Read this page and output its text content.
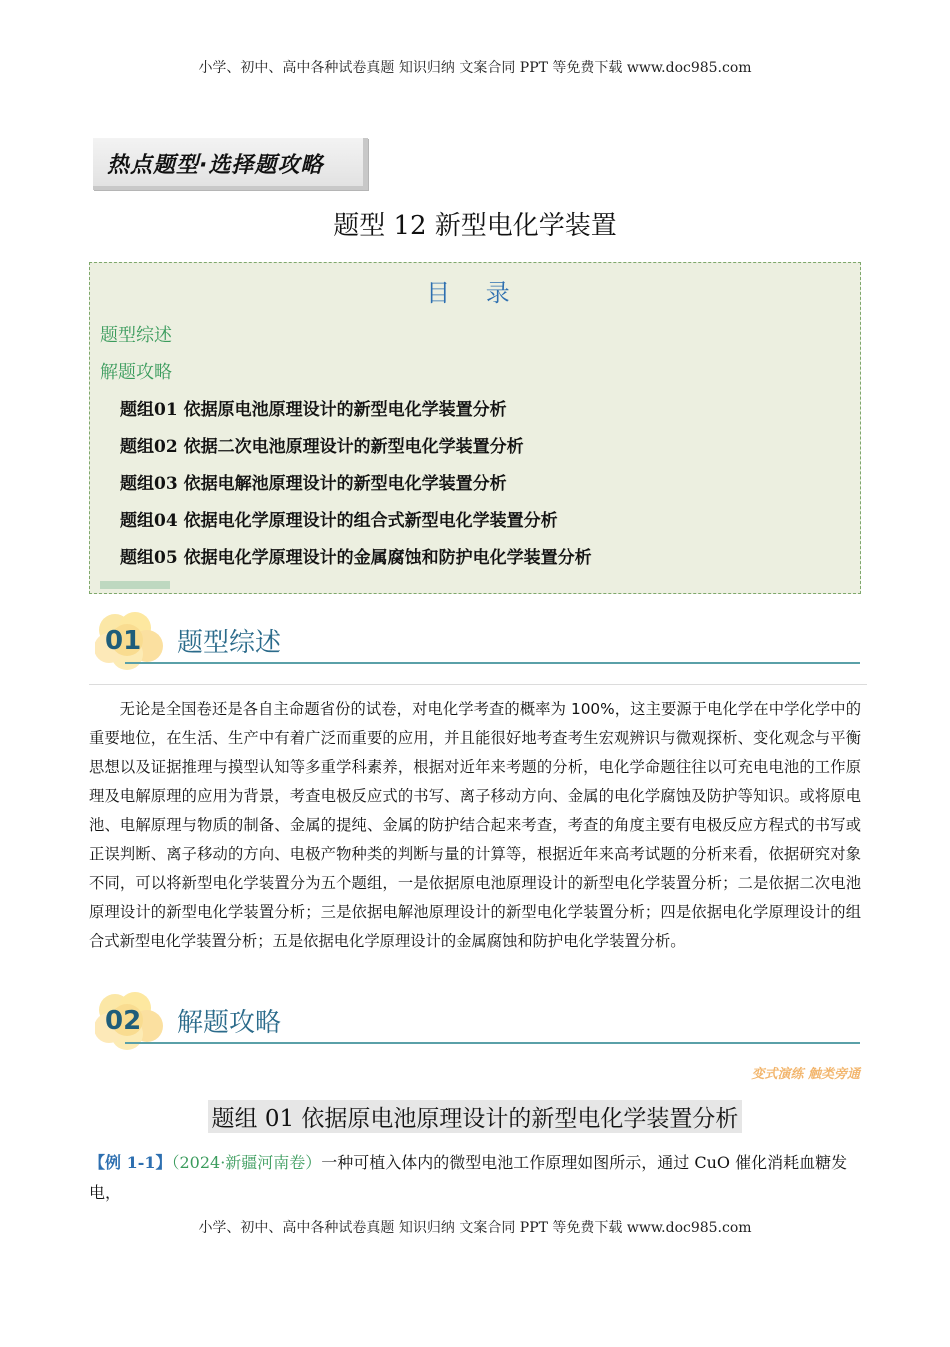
小学、初中、高中各种试卷真题 知识归纳 文案合同 PPT 等免费下载 www.doc985.com
热点题型·选择题攻略
题型 12 新型电化学装置
目 录
题型综述
解题攻略
题组01 依据原电池原理设计的新型电化学装置分析
题组02 依据二次电池原理设计的新型电化学装置分析
题组03 依据电解池原理设计的新型电化学装置分析
题组04 依据电化学原理设计的组合式新型电化学装置分析
题组05 依据电化学原理设计的金属腐蚀和防护电化学装置分析
01 题型综述
无论是全国卷还是各自主命题省份的试卷，对电化学考查的概率为 100%，这主要源于电化学在中学化学中的重要地位，在生活、生产中有着广泛而重要的应用，并且能很好地考查考生宏观辨识与微观探析、变化观念与平衡思想以及证据推理与摸型认知等多重学科素养，根据对近年来考题的分析，电化学命题往往以可充电电池的工作原理及电解原理的应用为背景，考查电极反应式的书写、离子移动方向、金属的电化学腐蚀及防护等知识。或将原电池、电解原理与物质的制备、金属的提纯、金属的防护结合起来考查，考查的角度主要有电极反应方程式的书写或正误判断、离子移动的方向、电极产物种类的判断与量的计算等，根据近年来高考试题的分析来看，依据研究对象不同，可以将新型电化学装置分为五个题组，一是依据原电池原理设计的新型电化学装置分析；二是依据二次电池原理设计的新型电化学装置分析；三是依据电解池原理设计的新型电化学装置分析；四是依据电化学原理设计的组合式新型电化学装置分析；五是依据电化学原理设计的金属腐蚀和防护电化学装置分析。
02 解题攻略
变式演练 触类旁通
题组 01 依据原电池原理设计的新型电化学装置分析
【例 1-1】（2024·新疆河南卷）一种可植入体内的微型电池工作原理如图所示，通过 CuO 催化消耗血糖发电，
小学、初中、高中各种试卷真题 知识归纳 文案合同 PPT 等免费下载 www.doc985.com
